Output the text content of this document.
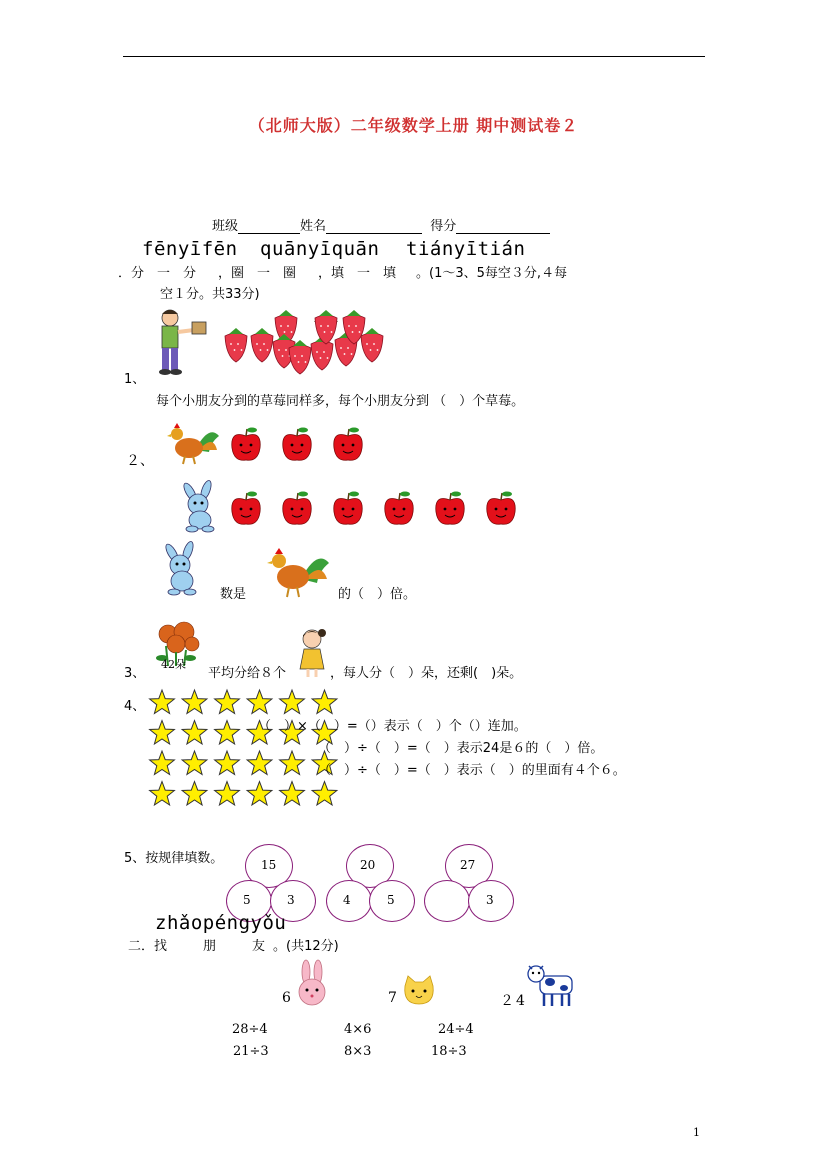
（北师大版）二年级数学上册 期中测试卷２
班级	姓名	得分
fēnyīfēn quānyīquān tiányītián
．分　一　分 ，圈　一　圈 ，填　一　填 。(1～3、5每空３分,４每
空１分。共33分)
1、
每个小朋友分到的草莓同样多，每个小朋友分到 （　）个草莓。
２、
数是	的（　）倍。
3、
42朵
平均分给８个	，每人分（　）朵，还剩(　)朵。
4、
（　）×（　）=（）表示（　）个（）连加。
（　）÷（　）=（　）表示24是６的（　）倍。
（　）÷（　）=（　）表示（　）的里面有４个６。
5、按规律填数。	15
5	3
20
4	5
27
3
zhǎopéngyǒu
二．找	朋	友 。(共12分)
6	7	２4
28÷4	4×6	24÷4
21÷3	8×3	18÷3
1
